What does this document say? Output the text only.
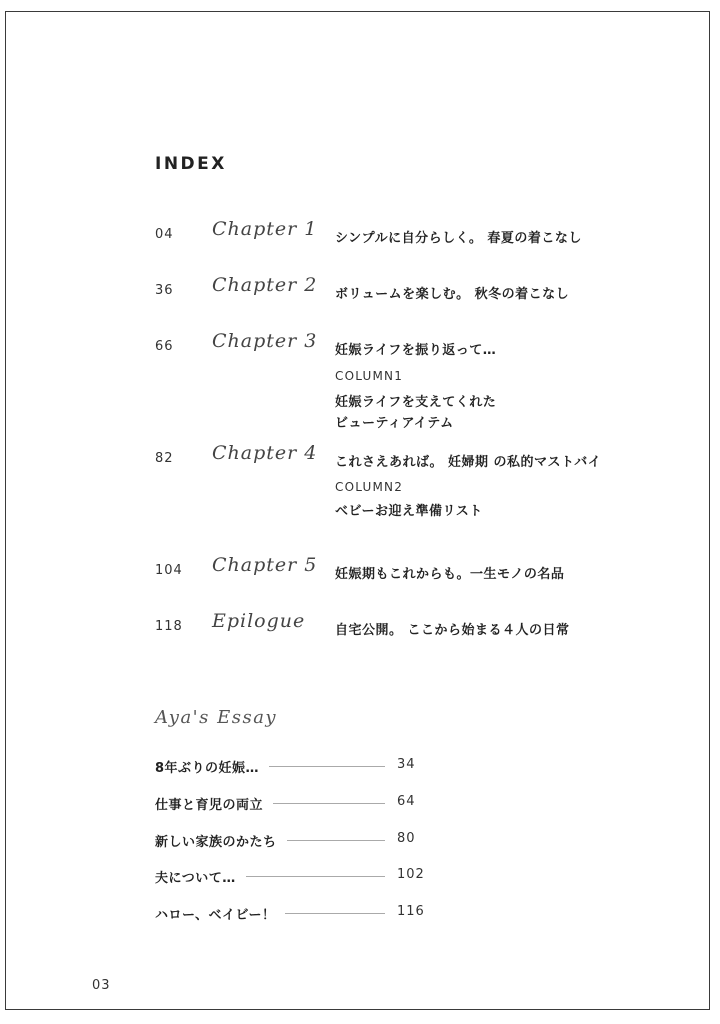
INDEX
04	Chapter 1 シンプルに自分らしく。 春夏の着こなし
36	Chapter 2 ボリュームを楽しむ。 秋冬の着こなし
66	Chapter 3 妊娠ライフを振り返って…
COLUMN1
妊娠ライフを支えてくれた
ビューティアイテム
82	Chapter 4 これさえあれば。 妊婦期 の私的マストバイ
COLUMN2
ベビーお迎え準備リスト
104	Chapter 5 妊娠期もこれからも。一生モノの名品
118	Epilogue 自宅公開。 ここから始まる４人の日常
Aya's Essay
8年ぶりの妊娠…	34
仕事と育児の両立	64
新しい家族のかたち	80
夫について…	102
ハロー、ベイビー！	116
03
